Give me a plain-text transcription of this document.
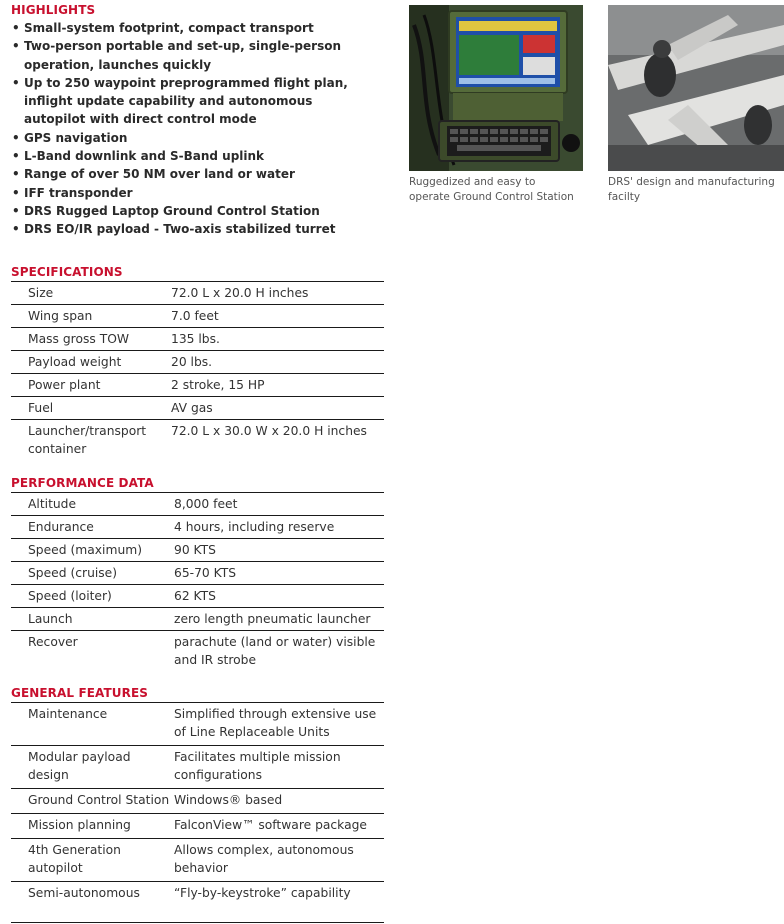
HIGHLIGHTS
• Small-system footprint, compact transport
• Two-person portable and set-up, single-person operation, launches quickly
• Up to 250 waypoint preprogrammed flight plan, inflight update capability and autonomous autopilot with direct control mode
• GPS navigation
• L-Band downlink and S-Band uplink
• Range of over 50 NM over land or water
• IFF transponder
• DRS Rugged Laptop Ground Control Station
• DRS EO/IR payload - Two-axis stabilized turret

Ruggedized and easy to operate Ground Control Station

DRS' design and manufacturing facilty

SPECIFICATIONS
Size	72.0 L x 20.0 H inches
Wing span	7.0 feet
Mass gross TOW	135 lbs.
Payload weight	20 lbs.
Power plant	2 stroke, 15 HP
Fuel	AV gas
Launcher/transport container	72.0 L x 30.0 W x 20.0 H inches
PERFORMANCE DATA
Altitude	8,000 feet
Endurance	4 hours, including reserve
Speed (maximum)	90 KTS
Speed (cruise)	65-70 KTS
Speed (loiter)	62 KTS
Launch	zero length pneumatic launcher
Recover	parachute (land or water) visible and IR strobe
GENERAL FEATURES
Maintenance	Simplified through extensive use of Line Replaceable Units
Modular payload design	Facilitates multiple mission configurations
Ground Control Station	Windows® based
Mission planning	FalconView™ software package
4th Generation autopilot	Allows complex, autonomous behavior
Semi-autonomous	“Fly-by-keystroke” capability
